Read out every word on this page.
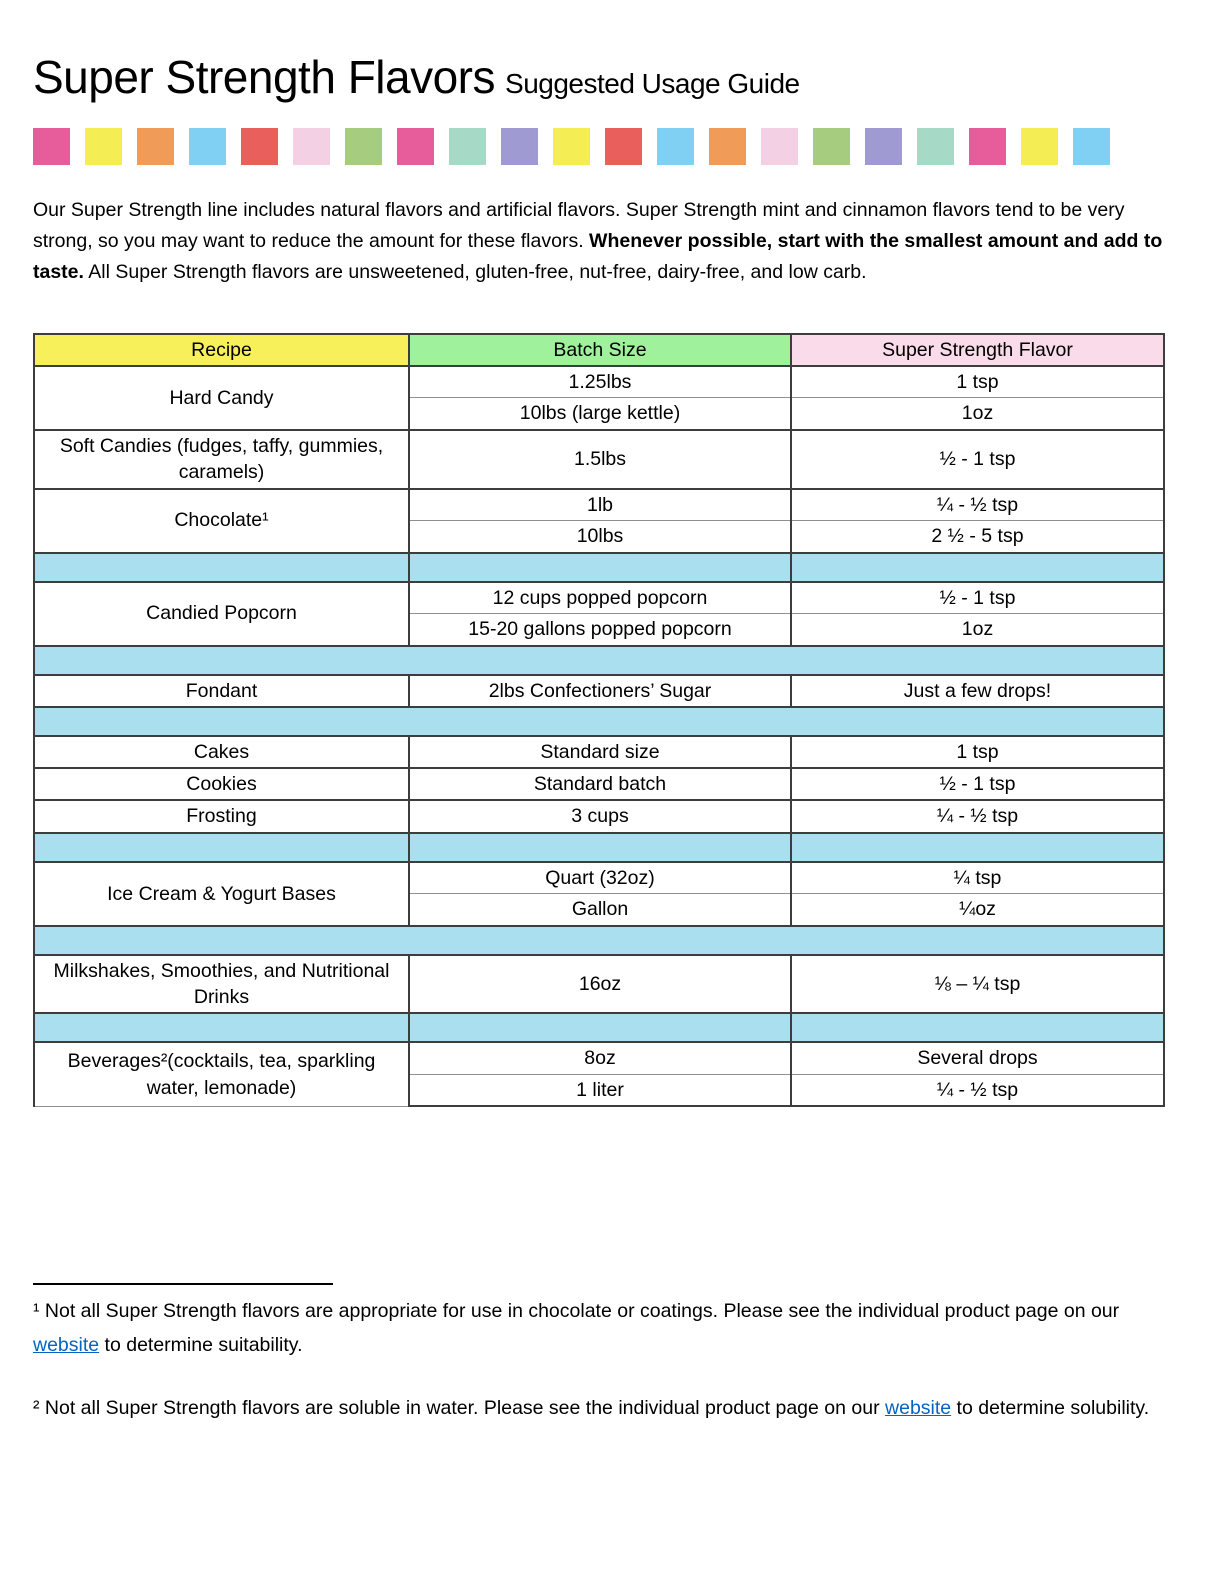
Super Strength Flavors Suggested Usage Guide

Our Super Strength line includes natural flavors and artificial flavors. Super Strength mint and cinnamon flavors tend to be very strong, so you may want to reduce the amount for these flavors. Whenever possible, start with the smallest amount and add to taste. All Super Strength flavors are unsweetened, gluten-free, nut-free, dairy-free, and low carb.

Recipe	Batch Size	Super Strength Flavor
Hard Candy	1.25lbs	1 tsp
	10lbs (large kettle)	1oz
Soft Candies (fudges, taffy, gummies, caramels)	1.5lbs	½ - 1 tsp
Chocolate¹	1lb	¼ - ½ tsp
	10lbs	2 ½ - 5 tsp

Candied Popcorn	12 cups popped popcorn	½ - 1 tsp
	15-20 gallons popped popcorn	1oz

Fondant	2lbs Confectioners’ Sugar	Just a few drops!

Cakes	Standard size	1 tsp
Cookies	Standard batch	½ - 1 tsp
Frosting	3 cups	¼ - ½ tsp

Ice Cream & Yogurt Bases	Quart (32oz)	¼ tsp
	Gallon	¼oz

Milkshakes, Smoothies, and Nutritional Drinks	16oz	⅛ – ¼ tsp

Beverages²(cocktails, tea, sparkling water, lemonade)	8oz	Several drops
	1 liter	¼ - ½ tsp

¹ Not all Super Strength flavors are appropriate for use in chocolate or coatings. Please see the individual product page on our website to determine suitability.

² Not all Super Strength flavors are soluble in water. Please see the individual product page on our website to determine solubility.
